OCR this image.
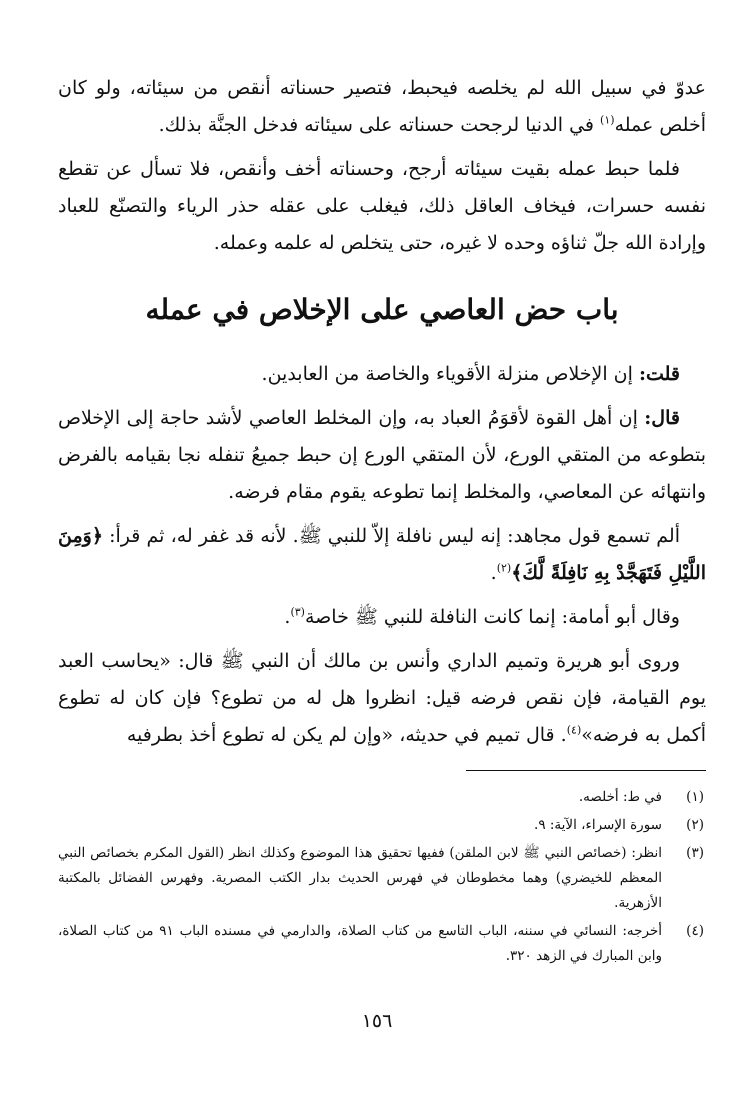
عدوّ في سبيل الله لم يخلصه فيحبط، فتصير حسناته أنقص من سيئاته، ولو كان أخلص عمله$^{(١)}$ في الدنيا لرجحت حسناته على سيئاته فدخل الجنَّة بذلك.

فلما حبط عمله بقيت سيئاته أرجح، وحسناته أخف وأنقص، فلا تسأل عن تقطع نفسه حسرات، فيخاف العاقل ذلك، فيغلب على عقله حذر الرياء والتصنّع للعباد وإرادة الله جلّ ثناؤه وحده لا غيره، حتى يتخلص له علمه وعمله.

باب حض العاصي على الإخلاص في عمله

قلت: إن الإخلاص منزلة الأقوياء والخاصة من العابدين.

قال: إن أهل القوة لأقوَمُ العباد به، وإن المخلط العاصي لأشد حاجة إلى الإخلاص بتطوعه من المتقي الورع، لأن المتقي الورع إن حبط جميعُ تنفله نجا بقيامه بالفرض وانتهائه عن المعاصي، والمخلط إنما تطوعه يقوم مقام فرضه.

ألم تسمع قول مجاهد: إنه ليس نافلة إلاّ للنبي ﷺ. لأنه قد غفر له، ثم قرأ: ﴿وَمِنَ اللَّيْلِ فَتَهَجَّدْ بِهِ نَافِلَةً لَّكَ﴾$^{(٢)}$.

وقال أبو أمامة: إنما كانت النافلة للنبي ﷺ خاصة$^{(٣)}$.

وروى أبو هريرة وتميم الداري وأنس بن مالك أن النبي ﷺ قال: «يحاسب العبد يوم القيامة، فإن نقص فرضه قيل: انظروا هل له من تطوع؟ فإن كان له تطوع أكمل به فرضه»$^{(٤)}$. قال تميم في حديثه، «وإن لم يكن له تطوع أخذ بطرفيه

(١)
في ط: أخلصه.

(٢)
سورة الإسراء، الآية: ٩.

(٣)
انظر: (خصائص النبي ﷺ لابن الملقن) ففيها تحقيق هذا الموضوع وكذلك انظر (القول المكرم بخصائص النبي المعظم للخيضري) وهما مخطوطان في فهرس الحديث بدار الكتب المصرية. وفهرس الفضائل بالمكتبة الأزهرية.

(٤)
أخرجه: النسائي في سننه، الباب التاسع من كتاب الصلاة، والدارمي في مسنده الباب ٩١ من كتاب الصلاة، وابن المبارك في الزهد ٣٢٠.

١٥٦
